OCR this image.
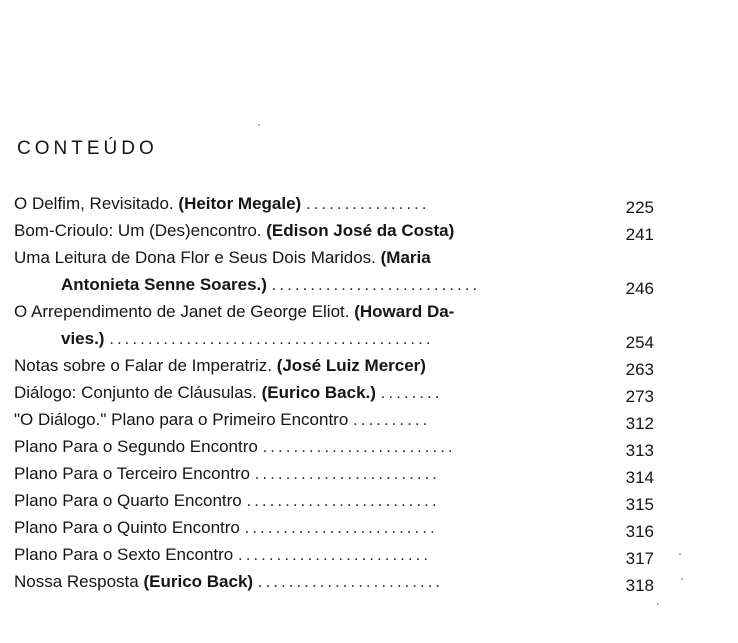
CONTEÚDO
O Delfim, Revisitado. (Heitor Megale) ................	225
Bom-Crioulo: Um (Des)encontro. (Edison José da Costa)	241
Uma Leitura de Dona Flor e Seus Dois Maridos. (Maria
Antonieta Senne Soares.) ...........................	246
O Arrependimento de Janet de George Eliot. (Howard Da-
vies.) ..........................................	254
Notas sobre o Falar de Imperatriz. (José Luiz Mercer)	263
Diálogo: Conjunto de Cláusulas. (Eurico Back.) ........	273
"O Diálogo." Plano para o Primeiro Encontro ..........	312
Plano Para o Segundo Encontro .........................	313
Plano Para o Terceiro Encontro ........................	314
Plano Para o Quarto Encontro .........................	315
Plano Para o Quinto Encontro .........................	316
Plano Para o Sexto Encontro .........................	317
Nossa Resposta (Eurico Back) ........................	318
